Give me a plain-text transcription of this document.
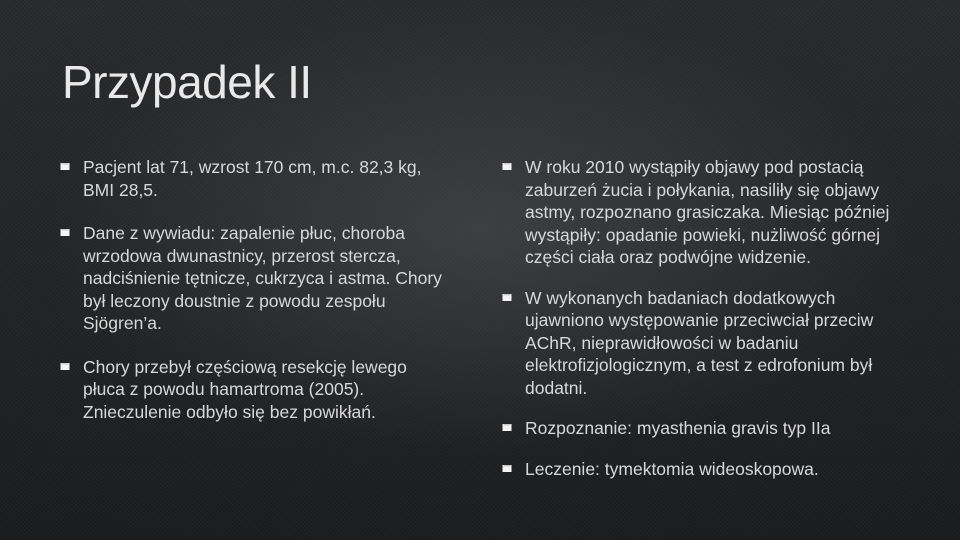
Przypadek II
Pacjent lat 71, wzrost 170 cm, m.c. 82,3 kg, BMI 28,5.
Dane z wywiadu: zapalenie płuc, choroba wrzodowa dwunastnicy, przerost stercza, nadciśnienie tętnicze, cukrzyca i astma. Chory był leczony doustnie z powodu zespołu Sjögren’a.
Chory przebył częściową resekcję lewego płuca z powodu hamartroma (2005). Znieczulenie odbyło się bez powikłań.
W roku 2010 wystąpiły objawy pod postacią zaburzeń żucia i połykania, nasiliły się objawy astmy, rozpoznano grasiczaka. Miesiąc później wystąpiły: opadanie powieki, nużliwość górnej części ciała oraz podwójne widzenie.
W wykonanych badaniach dodatkowych ujawniono występowanie przeciwciał przeciw AChR, nieprawidłowości w badaniu elektrofizjologicznym, a test z edrofonium był dodatni.
Rozpoznanie: myasthenia gravis typ IIa
Leczenie: tymektomia wideoskopowa.
